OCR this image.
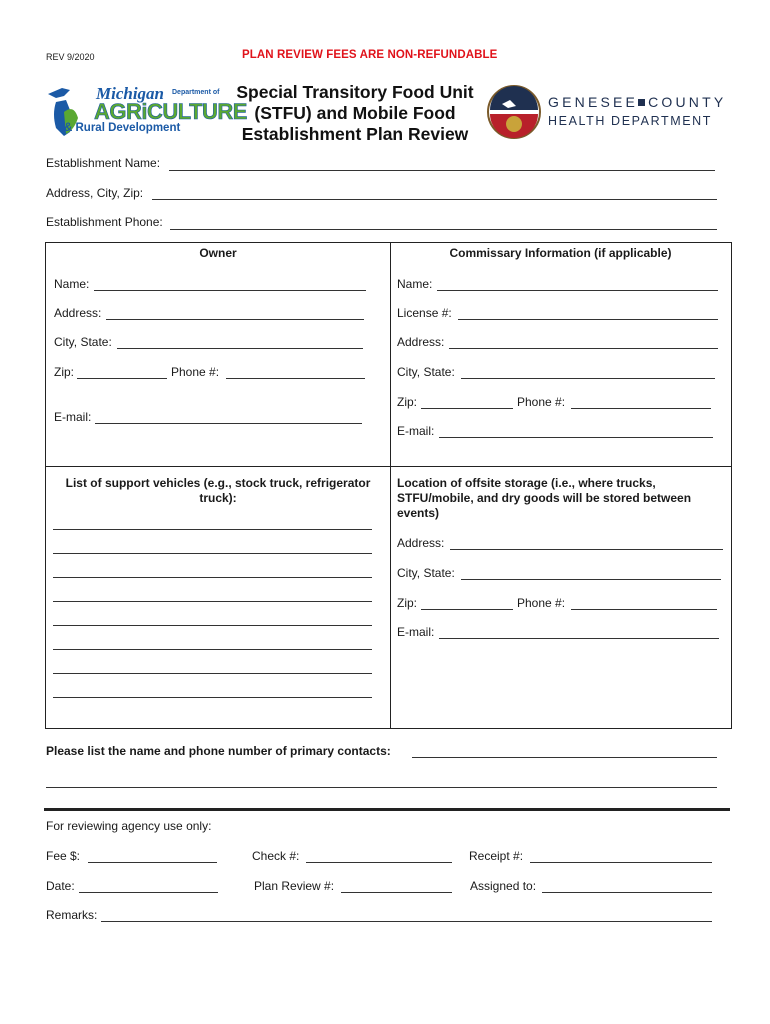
REV 9/2020	PLAN REVIEW FEES ARE NON-REFUNDABLE
Michigan Department of
AGRiCULTURE
& Rural Development
Special Transitory Food Unit
(STFU) and Mobile Food
Establishment Plan Review
GENESEE COUNTY
HEALTH DEPARTMENT
Establishment Name:
Address, City, Zip:
Establishment Phone:
Owner
Name:
Address:
City, State:
Zip:	Phone #:
E-mail:
Commissary Information (if applicable)
Name:
License #:
Address:
City, State:
Zip:	Phone #:
E-mail:
List of support vehicles (e.g., stock truck, refrigerator
truck):
Location of offsite storage (i.e., where trucks,
STFU/mobile, and dry goods will be stored between
events)
Address:
City, State:
Zip:	Phone #:
E-mail:
Please list the name and phone number of primary contacts:
For reviewing agency use only:
Fee $:	Check #:	Receipt #:
Date:	Plan Review #:	Assigned to:
Remarks:
